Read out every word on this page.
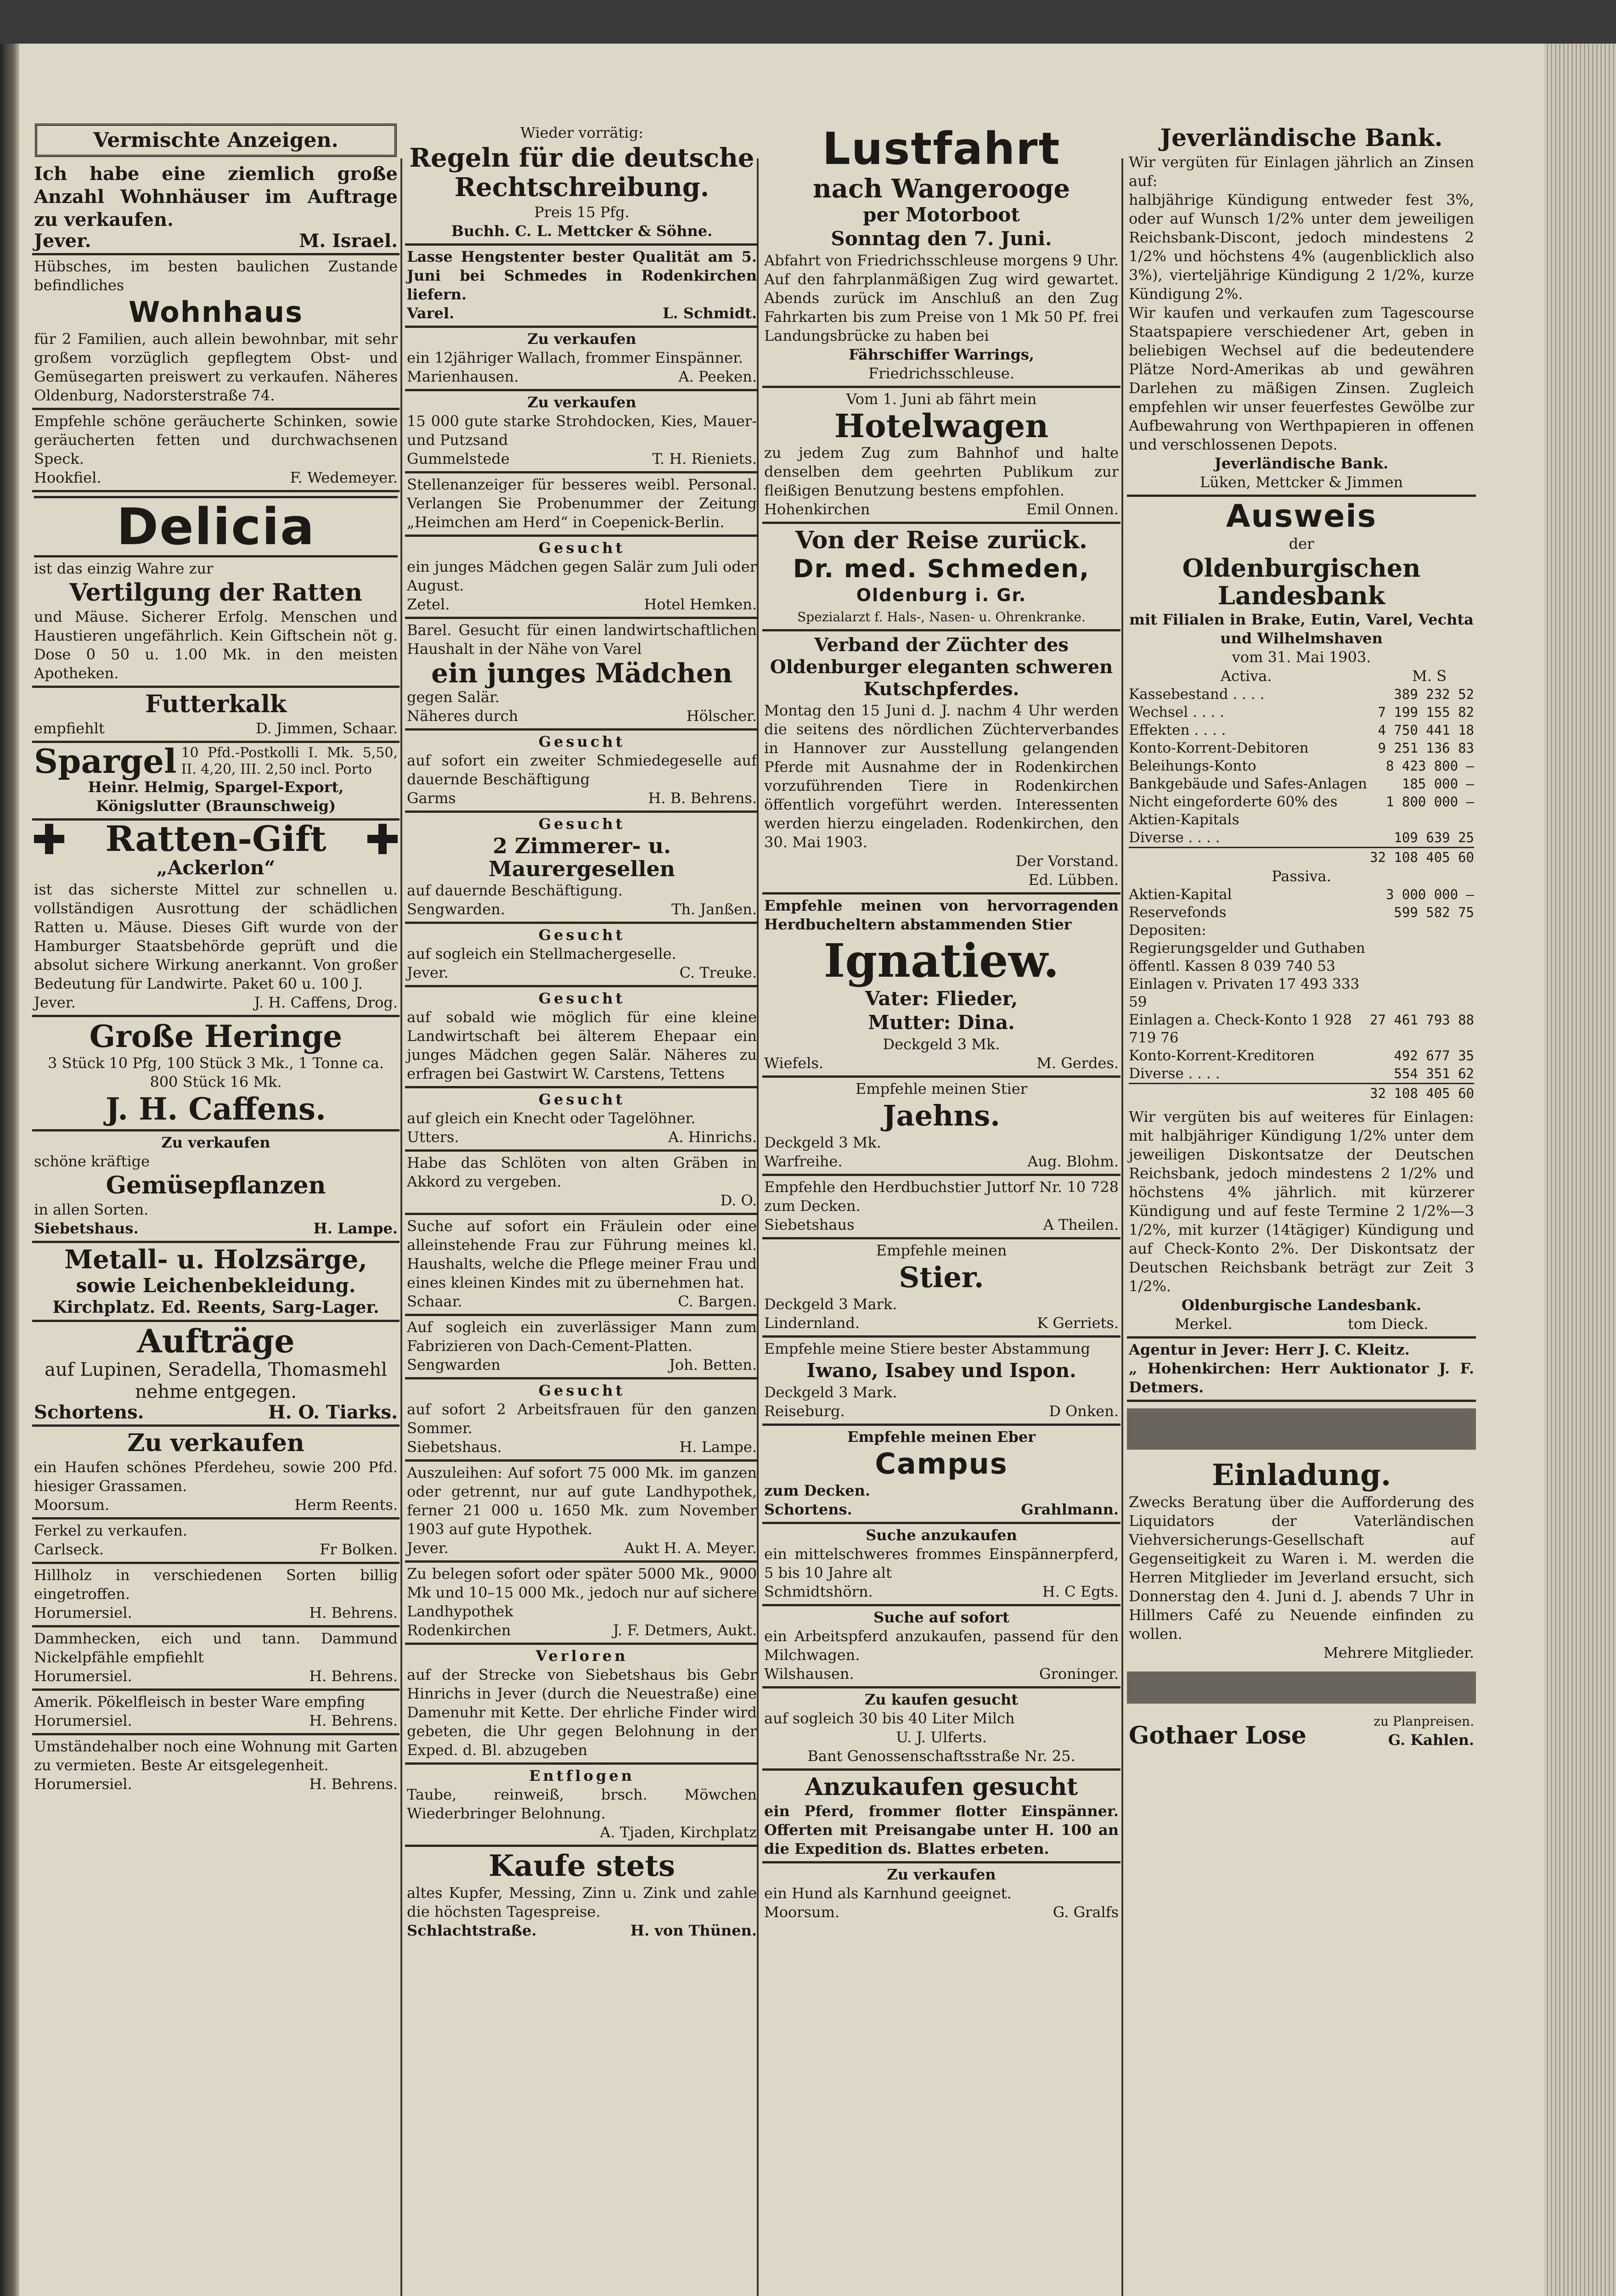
Vermischte Anzeigen.

Ich habe eine ziemlich große Anzahl Wohnhäuser im Auftrage zu verkaufen.

Jever.	M. Israel.

Hübsches, im besten baulichen Zustande befindliches

Wohnhaus

für 2 Familien, auch allein bewohnbar, mit sehr großem vorzüglich gepflegtem Obst- und Gemüsegarten preiswert zu verkaufen. Näheres Oldenburg, Nadorsterstraße 74.

Empfehle schöne geräucherte Schinken, sowie geräucherten fetten und durchwachsenen Speck.

Hookfiel.	F. Wedemeyer.

Delicia

ist das einzig Wahre zur

Vertilgung der Ratten

und Mäuse. Sicherer Erfolg. Menschen und Haustieren ungefährlich. Kein Giftschein nöt g. Dose 0 50 u. 1.00 Mk. in den meisten Apotheken.

Futterkalk

empfiehlt	D. Jimmen, Schaar.
Spargel 10 Pfd.-Postkolli I. Mk. 5,50, II. 4,20, III. 2,50 incl. Porto

Heinr. Helmig, Spargel-Export,

Königslutter (Braunschweig)

Ratten-Gift

„Ackerlon“

ist das sicherste Mittel zur schnellen u. vollständigen Ausrottung der schädlichen Ratten u. Mäuse. Dieses Gift wurde von der Hamburger Staatsbehörde geprüft und die absolut sichere Wirkung anerkannt. Von großer Bedeutung für Landwirte. Paket 60 u. 100 J.

Jever.	J. H. Caffens, Drog.

Große Heringe

3 Stück 10 Pfg, 100 Stück 3 Mk., 1 Tonne ca. 800 Stück 16 Mk.

J. H. Caffens.

Zu verkaufen

schöne kräftige

Gemüsepflanzen

in allen Sorten.

Siebetshaus.	H. Lampe.

Metall- u. Holzsärge,

sowie Leichenbekleidung.

Kirchplatz. Ed. Reents, Sarg-Lager.

Aufträge

auf Lupinen, Seradella, Thomasmehl nehme entgegen.

Schortens.	H. O. Tiarks.

Zu verkaufen

ein Haufen schönes Pferdeheu, sowie 200 Pfd. hiesiger Grassamen.

Moorsum.	Herm Reents.

Ferkel zu verkaufen.

Carlseck.	Fr Bolken.

Hillholz in verschiedenen Sorten billig eingetroffen.

Horumersiel.	H. Behrens.

Dammhecken, eich und tann. Dammund Nickelpfähle empfiehlt

Horumersiel.	H. Behrens.

Amerik. Pökelfleisch in bester Ware empfing

Horumersiel.	H. Behrens.

Umständehalber noch eine Wohnung mit Garten zu vermieten. Beste Ar eitsgelegenheit.

Horumersiel.	H. Behrens.

Wieder vorrätig:

Regeln für die deutsche Rechtschreibung.

Preis 15 Pfg.

Buchh. C. L. Mettcker & Söhne.

Lasse Hengstenter bester Qualität am 5. Juni bei Schmedes in Rodenkirchen liefern.

Varel.	L. Schmidt.

Zu verkaufen

ein 12jähriger Wallach, frommer Einspänner.

Marienhausen.	A. Peeken.

Zu verkaufen

15 000 gute starke Strohdocken, Kies, Mauer- und Putzsand

Gummelstede	T. H. Rieniets.

Stellenanzeiger für besseres weibl. Personal. Verlangen Sie Probenummer der Zeitung „Heimchen am Herd“ in Coepenick-Berlin.

Gesucht

ein junges Mädchen gegen Salär zum Juli oder August.

Zetel.	Hotel Hemken.

Barel. Gesucht für einen landwirtschaftlichen Haushalt in der Nähe von Varel

ein junges Mädchen

gegen Salär.

Näheres durch	Hölscher.

Gesucht

auf sofort ein zweiter Schmiedegeselle auf dauernde Beschäftigung

Garms	H. B. Behrens.

Gesucht

2 Zimmerer- u. Maurergesellen

auf dauernde Beschäftigung.

Sengwarden.	Th. Janßen.

Gesucht

auf sogleich ein Stellmachergeselle.

Jever.	C. Treuke.

Gesucht

auf sobald wie möglich für eine kleine Landwirtschaft bei älterem Ehepaar ein junges Mädchen gegen Salär. Näheres zu erfragen bei Gastwirt W. Carstens, Tettens

Gesucht

auf gleich ein Knecht oder Tagelöhner.

Utters.	A. Hinrichs.

Habe das Schlöten von alten Gräben in Akkord zu vergeben.

D. O.

Suche auf sofort ein Fräulein oder eine alleinstehende Frau zur Führung meines kl. Haushalts, welche die Pflege meiner Frau und eines kleinen Kindes mit zu übernehmen hat.

Schaar.	C. Bargen.

Auf sogleich ein zuverlässiger Mann zum Fabrizieren von Dach-Cement-Platten.

Sengwarden	Joh. Betten.

Gesucht

auf sofort 2 Arbeitsfrauen für den ganzen Sommer.

Siebetshaus.	H. Lampe.

Auszuleihen: Auf sofort 75 000 Mk. im ganzen oder getrennt, nur auf gute Landhypothek, ferner 21 000 u. 1650 Mk. zum November 1903 auf gute Hypothek.

Jever.	Aukt H. A. Meyer.

Zu belegen sofort oder später 5000 Mk., 9000 Mk und 10–15 000 Mk., jedoch nur auf sichere Landhypothek

Rodenkirchen	J. F. Detmers, Aukt.

Verloren

auf der Strecke von Siebetshaus bis Gebr Hinrichs in Jever (durch die Neuestraße) eine Damenuhr mit Kette. Der ehrliche Finder wird gebeten, die Uhr gegen Belohnung in der Exped. d. Bl. abzugeben

Entflogen

Taube, reinweiß, brsch. Möwchen Wiederbringer Belohnung.

A. Tjaden, Kirchplatz

Kaufe stets

altes Kupfer, Messing, Zinn u. Zink und zahle die höchsten Tagespreise.

Schlachtstraße.	H. von Thünen.

Lustfahrt

nach Wangerooge

per Motorboot

Sonntag den 7. Juni.

Abfahrt von Friedrichsschleuse morgens 9 Uhr. Auf den fahrplanmäßigen Zug wird gewartet. Abends zurück im Anschluß an den Zug Fahrkarten bis zum Preise von 1 Mk 50 Pf. frei Landungsbrücke zu haben bei

Fährschiffer Warrings,

Friedrichsschleuse.

Vom 1. Juni ab fährt mein

Hotelwagen

zu jedem Zug zum Bahnhof und halte denselben dem geehrten Publikum zur fleißigen Benutzung bestens empfohlen.

Hohenkirchen	Emil Onnen.

Von der Reise zurück.

Dr. med. Schmeden,

Oldenburg i. Gr.

Spezialarzt f. Hals-, Nasen- u. Ohrenkranke.

Verband der Züchter des Oldenburger eleganten schweren Kutschpferdes.

Montag den 15 Juni d. J. nachm 4 Uhr werden die seitens des nördlichen Züchterverbandes in Hannover zur Ausstellung gelangenden Pferde mit Ausnahme der in Rodenkirchen vorzuführenden Tiere in Rodenkirchen öffentlich vorgeführt werden. Interessenten werden hierzu eingeladen. Rodenkirchen, den 30. Mai 1903.

Der Vorstand.

Ed. Lübben.

Empfehle meinen von hervorragenden Herdbucheltern abstammenden Stier

Ignatiew.

Vater: Flieder,

Mutter: Dina.

Deckgeld 3 Mk.

Wiefels.	M. Gerdes.

Empfehle meinen Stier

Jaehns.

Deckgeld 3 Mk.

Warfreihe.	Aug. Blohm.

Empfehle den Herdbuchstier Juttorf Nr. 10 728 zum Decken.

Siebetshaus	A Theilen.

Empfehle meinen

Stier.

Deckgeld 3 Mark.

Lindernland.	K Gerriets.

Empfehle meine Stiere bester Abstammung

Iwano, Isabey und Ispon.

Deckgeld 3 Mark.

Reiseburg.	D Onken.

Empfehle meinen Eber

Campus

zum Decken.

Schortens.	Grahlmann.

Suche anzukaufen

ein mittelschweres frommes Einspännerpferd, 5 bis 10 Jahre alt

Schmidtshörn.	H. C Egts.

Suche auf sofort

ein Arbeitspferd anzukaufen, passend für den Milchwagen.

Wilshausen.	Groninger.

Zu kaufen gesucht

auf sogleich 30 bis 40 Liter Milch

U. J. Ulferts.

Bant Genossenschaftsstraße Nr. 25.

Anzukaufen gesucht

ein Pferd, frommer flotter Einspänner. Offerten mit Preisangabe unter H. 100 an die Expedition ds. Blattes erbeten.

Zu verkaufen

ein Hund als Karnhund geeignet.

Moorsum.	G. Gralfs

Jeverländische Bank.

Wir vergüten für Einlagen jährlich an Zinsen auf:

halbjährige Kündigung entweder fest 3%, oder auf Wunsch 1/2% unter dem jeweiligen Reichsbank-Discont, jedoch mindestens 2 1/2% und höchstens 4% (augenblicklich also 3%), vierteljährige Kündigung 2 1/2%, kurze Kündigung 2%.

Wir kaufen und verkaufen zum Tagescourse Staatspapiere verschiedener Art, geben in beliebigen Wechsel auf die bedeutendere Plätze Nord-Amerikas ab und gewähren Darlehen zu mäßigen Zinsen. Zugleich empfehlen wir unser feuerfestes Gewölbe zur Aufbewahrung von Werthpapieren in offenen und verschlossenen Depots.

Jeverländische Bank.

Lüken, Mettcker & Jimmen

Ausweis

der

Oldenburgischen Landesbank

mit Filialen in Brake, Eutin, Varel, Vechta und Wilhelmshaven

vom 31. Mai 1903.

Activa.	M. S
Kassebestand . . . .	389 232 52
Wechsel . . . .	7 199 155 82
Effekten . . . .	4 750 441 18
Konto-Korrent-Debitoren	9 251 136 83
Beleihungs-Konto	8 423 800 —
Bankgebäude und Safes-Anlagen	185 000 —
Nicht eingeforderte 60% des Aktien-Kapitals	1 800 000 —
Diverse . . . .	109 639 25

32 108 405 60

Passiva.

Aktien-Kapital	3 000 000 —
Reservefonds	599 582 75
Depositen:	
Regierungsgelder und Guthaben öffentl. Kassen 8 039 740 53	
Einlagen v. Privaten 17 493 333 59	
Einlagen a. Check-Konto 1 928 719 76	27 461 793 88
Konto-Korrent-Kreditoren	492 677 35
Diverse . . . .	554 351 62

32 108 405 60

Wir vergüten bis auf weiteres für Einlagen: mit halbjähriger Kündigung 1/2% unter dem jeweiligen Diskontsatze der Deutschen Reichsbank, jedoch mindestens 2 1/2% und höchstens 4% jährlich. mit kürzerer Kündigung und auf feste Termine 2 1/2%—3 1/2%, mit kurzer (14tägiger) Kündigung und auf Check-Konto 2%. Der Diskontsatz der Deutschen Reichsbank beträgt zur Zeit 3 1/2%.

Oldenburgische Landesbank.

Merkel.	tom Dieck.

Agentur in Jever: Herr J. C. Kleitz.

„ Hohenkirchen: Herr Auktionator J. F. Detmers.

Einladung.

Zwecks Beratung über die Aufforderung des Liquidators der Vaterländischen Viehversicherungs-Gesellschaft auf Gegenseitigkeit zu Waren i. M. werden die Herren Mitglieder im Jeverland ersucht, sich Donnerstag den 4. Juni d. J. abends 7 Uhr in Hillmers Café zu Neuende einfinden zu wollen.

Mehrere Mitglieder.

Gothaer Lose
zu Planpreisen.
G. Kahlen.
